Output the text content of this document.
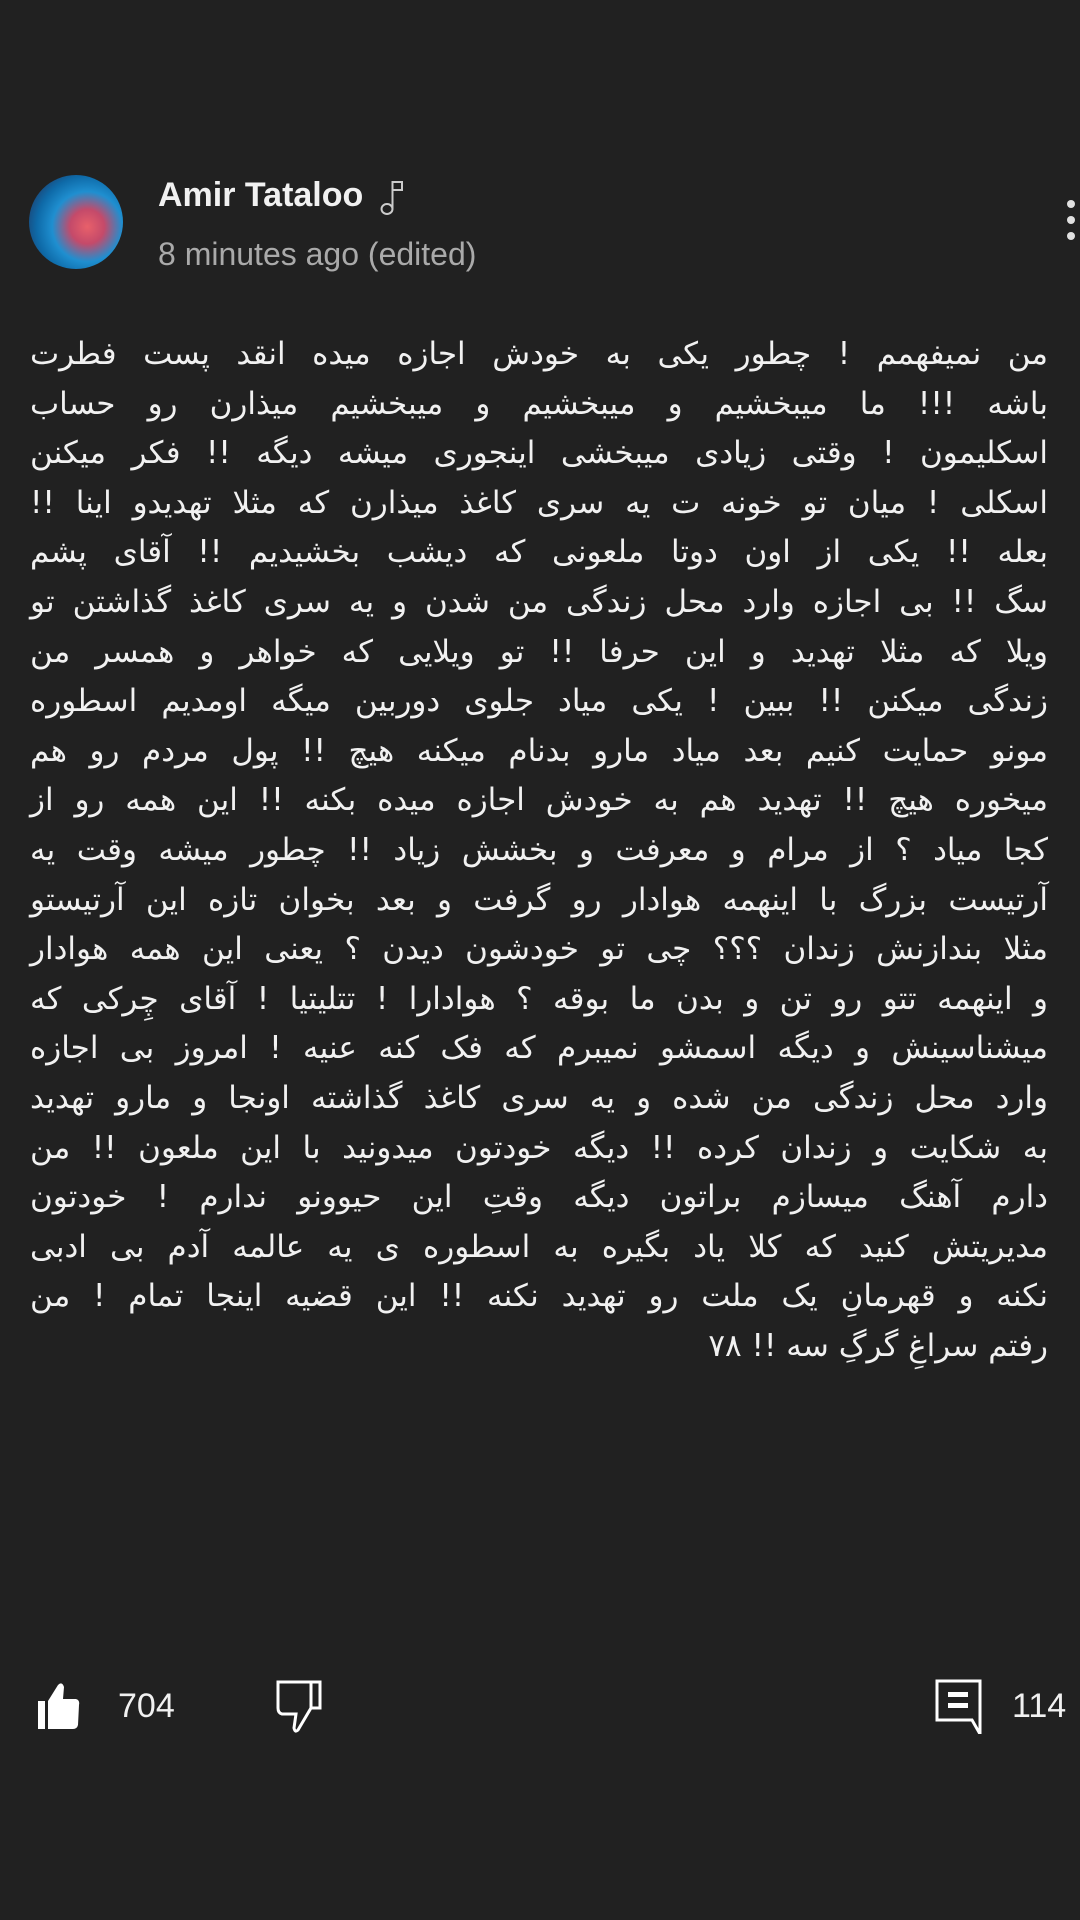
Amir Tataloo
8 minutes ago (edited)
من نمیفهمم ! چطور یکی به خودش اجازه میده انقد پست فطرت
باشه !!! ما میبخشیم و میبخشیم و میبخشیم میذارن رو حساب
اسکلیمون ! وقتی زیادی میبخشی اینجوری میشه دیگه !! فکر میکنن
اسکلی ! میان تو خونه ت یه سری کاغذ میذارن که مثلا تهدیدو اینا !!
بعله !! یکی از اون دوتا ملعونی که دیشب بخشیدیم !! آقای پشم
سگ !! بی اجازه وارد محل زندگی من شدن و یه سری کاغذ گذاشتن تو
ویلا که مثلا تهدید و این حرفا !! تو ویلایی که خواهر و همسر من
زندگی میکنن !! ببین ! یکی میاد جلوی دوربین میگه اومدیم اسطوره
مونو حمایت کنیم بعد میاد مارو بدنام میکنه هیچ !! پول مردم رو هم
میخوره هیچ !! تهدید هم به خودش اجازه میده بکنه !! این همه رو از
کجا میاد ؟ از مرام و معرفت و بخشش زیاد !! چطور میشه وقت یه
آرتیست بزرگ با اینهمه هوادار رو گرفت و بعد بخوان تازه این آرتیستو
مثلا بندازنش زندان ؟؟؟ چی تو خودشون دیدن ؟ یعنی این همه هوادار
و اینهمه تتو رو تن و بدن ما بوقه ؟ هوادارا ! تتلیتیا ! آقای چِرکی که
میشناسینش و دیگه اسمشو نمیبرم که فک کنه عنیه ! امروز بی اجازه
وارد محل زندگی من شده و یه سری کاغذ گذاشته اونجا و مارو تهدید
به شکایت و زندان کرده !! دیگه خودتون میدونید با این ملعون !! من
دارم آهنگ میسازم براتون دیگه وقتِ این حیوونو ندارم ! خودتون
مدیریتش کنید که کلا یاد بگیره به اسطوره ی یه عالمه آدم بی ادبی
نکنه و قهرمانِ یک ملت رو تهدید نکنه !! این قضیه اینجا تمام ! من
رفتم سراغِ گرگِ سه !! ۷۸
704	114
